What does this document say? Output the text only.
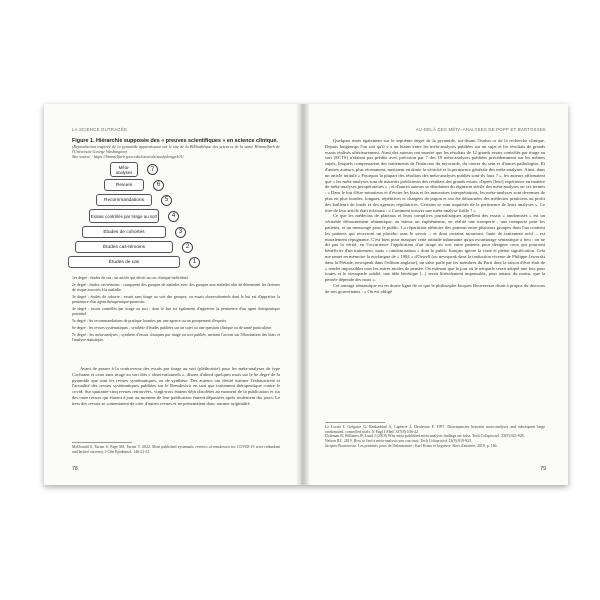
LA SCIENCE OUTRAGÉE
Figure 1. Hiérarchie supposée des « preuves scientifiques » en science clinique.
(Reproduction inspirée de la pyramide apparaissant sur le site de la Bibliothèque des sciences de la santé Himmelfarb de l'Université George Washington)
Site source : https://himmelfarb.gwu.edu/tutorials/studydesign101/
Méta-analyses	7
Revues	6
Recommandations	5
Essais contrôlés par tirage au sort	4
Études de cohortes	3
Études cas-témoins	2
Études de cas	1

1er degré : études de cas ; un article qui décrit un cas clinique individuel.

2e degré : études cas-témoins ; comparent des groupes de malades avec des groupes non malades afin de déterminer les facteurs de risque associés à la maladie.

3e degré : études de cohorte ; essais sans tirage au sort des groupes, ou essais observationnels dont le but est d'apprécier la pertinence d'un agent thérapeutique/pronostic.

4e degré : essais contrôlés par tirage au sort ; dont le but est également d'apprécier la pertinence d'un agent thérapeutique potentiel.

5e degré : les recommandations de pratique fournies par une agence ou un groupement d'experts.

6e degré : les revues systématiques ; synthèse d'études publiées sur un sujet ou une question clinique ou de santé particulière.

7e degré : les méta-analyses ; synthèse d'essais cliniques par tirage au sort publiés, mettant l'accent sur l'élimination des biais et l'analyse statistique.

Avant de passer à la controverse des essais par tirage au sort (pléthoriste) pour les méta-analyses de type Cochrane et ceux sans tirage au sort dits « observationnels », disons d'abord quelques mots sur le 6e degré de la pyramide que sont les revues systématiques, ou de synthèse. Des auteurs ont désiré estimer l'exhaustivité et l'actualité des revues systématiques publiées sur le Remdesivir en tant que traitement thérapeutique contre le covid. Sur quarante-cinq revues retrouvées, vingt-trois étaient déjà obsolètes au moment de la publication et six des onze revues qui étaient à jour au moment de leur publication étaient dépassées après seulement dix jours. Le tiers des revues se contentaient de citer d'autres revues et ne présentaient donc aucune originalité.

McDonald S, Turner S, Page MJ, Turner T. 2022. Most published systematic reviews of remdesivir for COVID-19 were redundant and lacked currency. J Clin Epidemiol. 146:22-31.
78
AU-DELÀ DES MÉTA-ANALYSES DE POPP ET BARTOSSEK

Quelques mots également sur le septième degré de la pyramide, soi-disant l'étalon or de la recherche clinique. Depuis longtemps l'on sait qu'il y a un hiatus entre les méta-analyses publiées sur un sujet et les résultats de grands essais réalisés ultérieurement. Ainsi des auteurs ont montré que les résultats de 12 grands essais contrôlés par tirage au sort (ECTS) n'étaient pas prédits avec précision par 7 des 19 méta-analyses publiées précédemment sur les mêmes sujets, lesquels comprenaient des traitements de l'infarctus du myocarde, du cancer du sein et d'autres pathologies. Et d'autres auteurs, plus récemment, mettaient en doute la véracité et la pertinence générale des méta-analyses. Ainsi, dans un article intitulé « Pourquoi la plupart des résultats des méta-analyses publiés sont-ils faux ? », les auteurs affirmaient que « les méta-analyses sont de mauvais prédicteurs des résultats des grands essais, d'après [leur] expérience en matière de méta-analyses peropératoires » ; et d'autres auteurs se désolaient du régiment stérile des méta-analyses en ces termes : « Dans le but d'être minutieux et d'éviter les biais et les mauvaises interprétations, les méta-analyses sont devenues de plus en plus lourdes, longues, répétitives et chargées de jargon et ont été détournées des médecins praticiens au profit des bailleurs de fonds et des agences régulatrices. Certains se sont inquiétés de la pertinence de leurs analyses ». Le titre de leur article était éclairant : « Comment trouver une méta-analyse fiable ? »

Ce que les médecins de plateaux et leurs complices journalistiques appellent des essais « randomisés » est un véritable détournement sémantique, au mieux un euphémisme, en réalité une tromperie ; une tromperie pour les patients, et un mensonge pour le public. La répartition aléatoire des patients entre plusieurs groupes dont l'un contient les patients qui recevront un placebo sans le savoir – et dont certains mourront, faute de traitement actif – est moralement répugnante. C'est bien pour masquer cette attitude inhumaine qu'un escamotage sémantique a lieu : on ne dit pas la vérité, en l'occurrence l'application d'un tirage au sort entre patients pour désigner ceux qui pourront bénéficier d'un traitement, mais « randomisation » dont le public français ignore la vraie et pleine signification. Cela me remet en mémoire la novlangue de « 1984 » d'Orwell (ou newspeak dans la traduction récente de Philippe Jaworski dans la Pléiade, newspeak dans l'édition anglaise), un sabir parlé par les membres du Parti dont la raison d'être était de « rendre impossibles tous les autres modes de pensée. On estimait que le jour où le néoparle serait adopté une fois pour toutes et le vieuxparle oublié, une idée hérétique [...] serait littéralement impensable, pour autant, du moins, que la pensée dépende des mots ».

Cet outrage sémantique est en droite ligne de ce que le philosophe Jacques Bouveresse disait à propos du discours de nos gouvernants : « On est obligé

Le Lorier J, Grégoire G, Benhaddad A, Lapierre J, Derderian F. 1997. Discrepancies between meta-analyses and subsequent large randomized, controlled trials. N Engl J Med. 337(8):536-42.
Doleman B, Williams JP, Lund J (2019) Why most published meta-analysis findings are false. Tech Coloproctol. 23(9):925-928.
Nelson RL. 2019. How to find a meta-analysis you can trust. Tech Coloproctol 23(9):919-923.
Jacques Bouveresse. Les premiers jours de l'inhumanité ; Karl Kraus et la guerre. Hors d'atteinte, 2019, p. 166.
79
